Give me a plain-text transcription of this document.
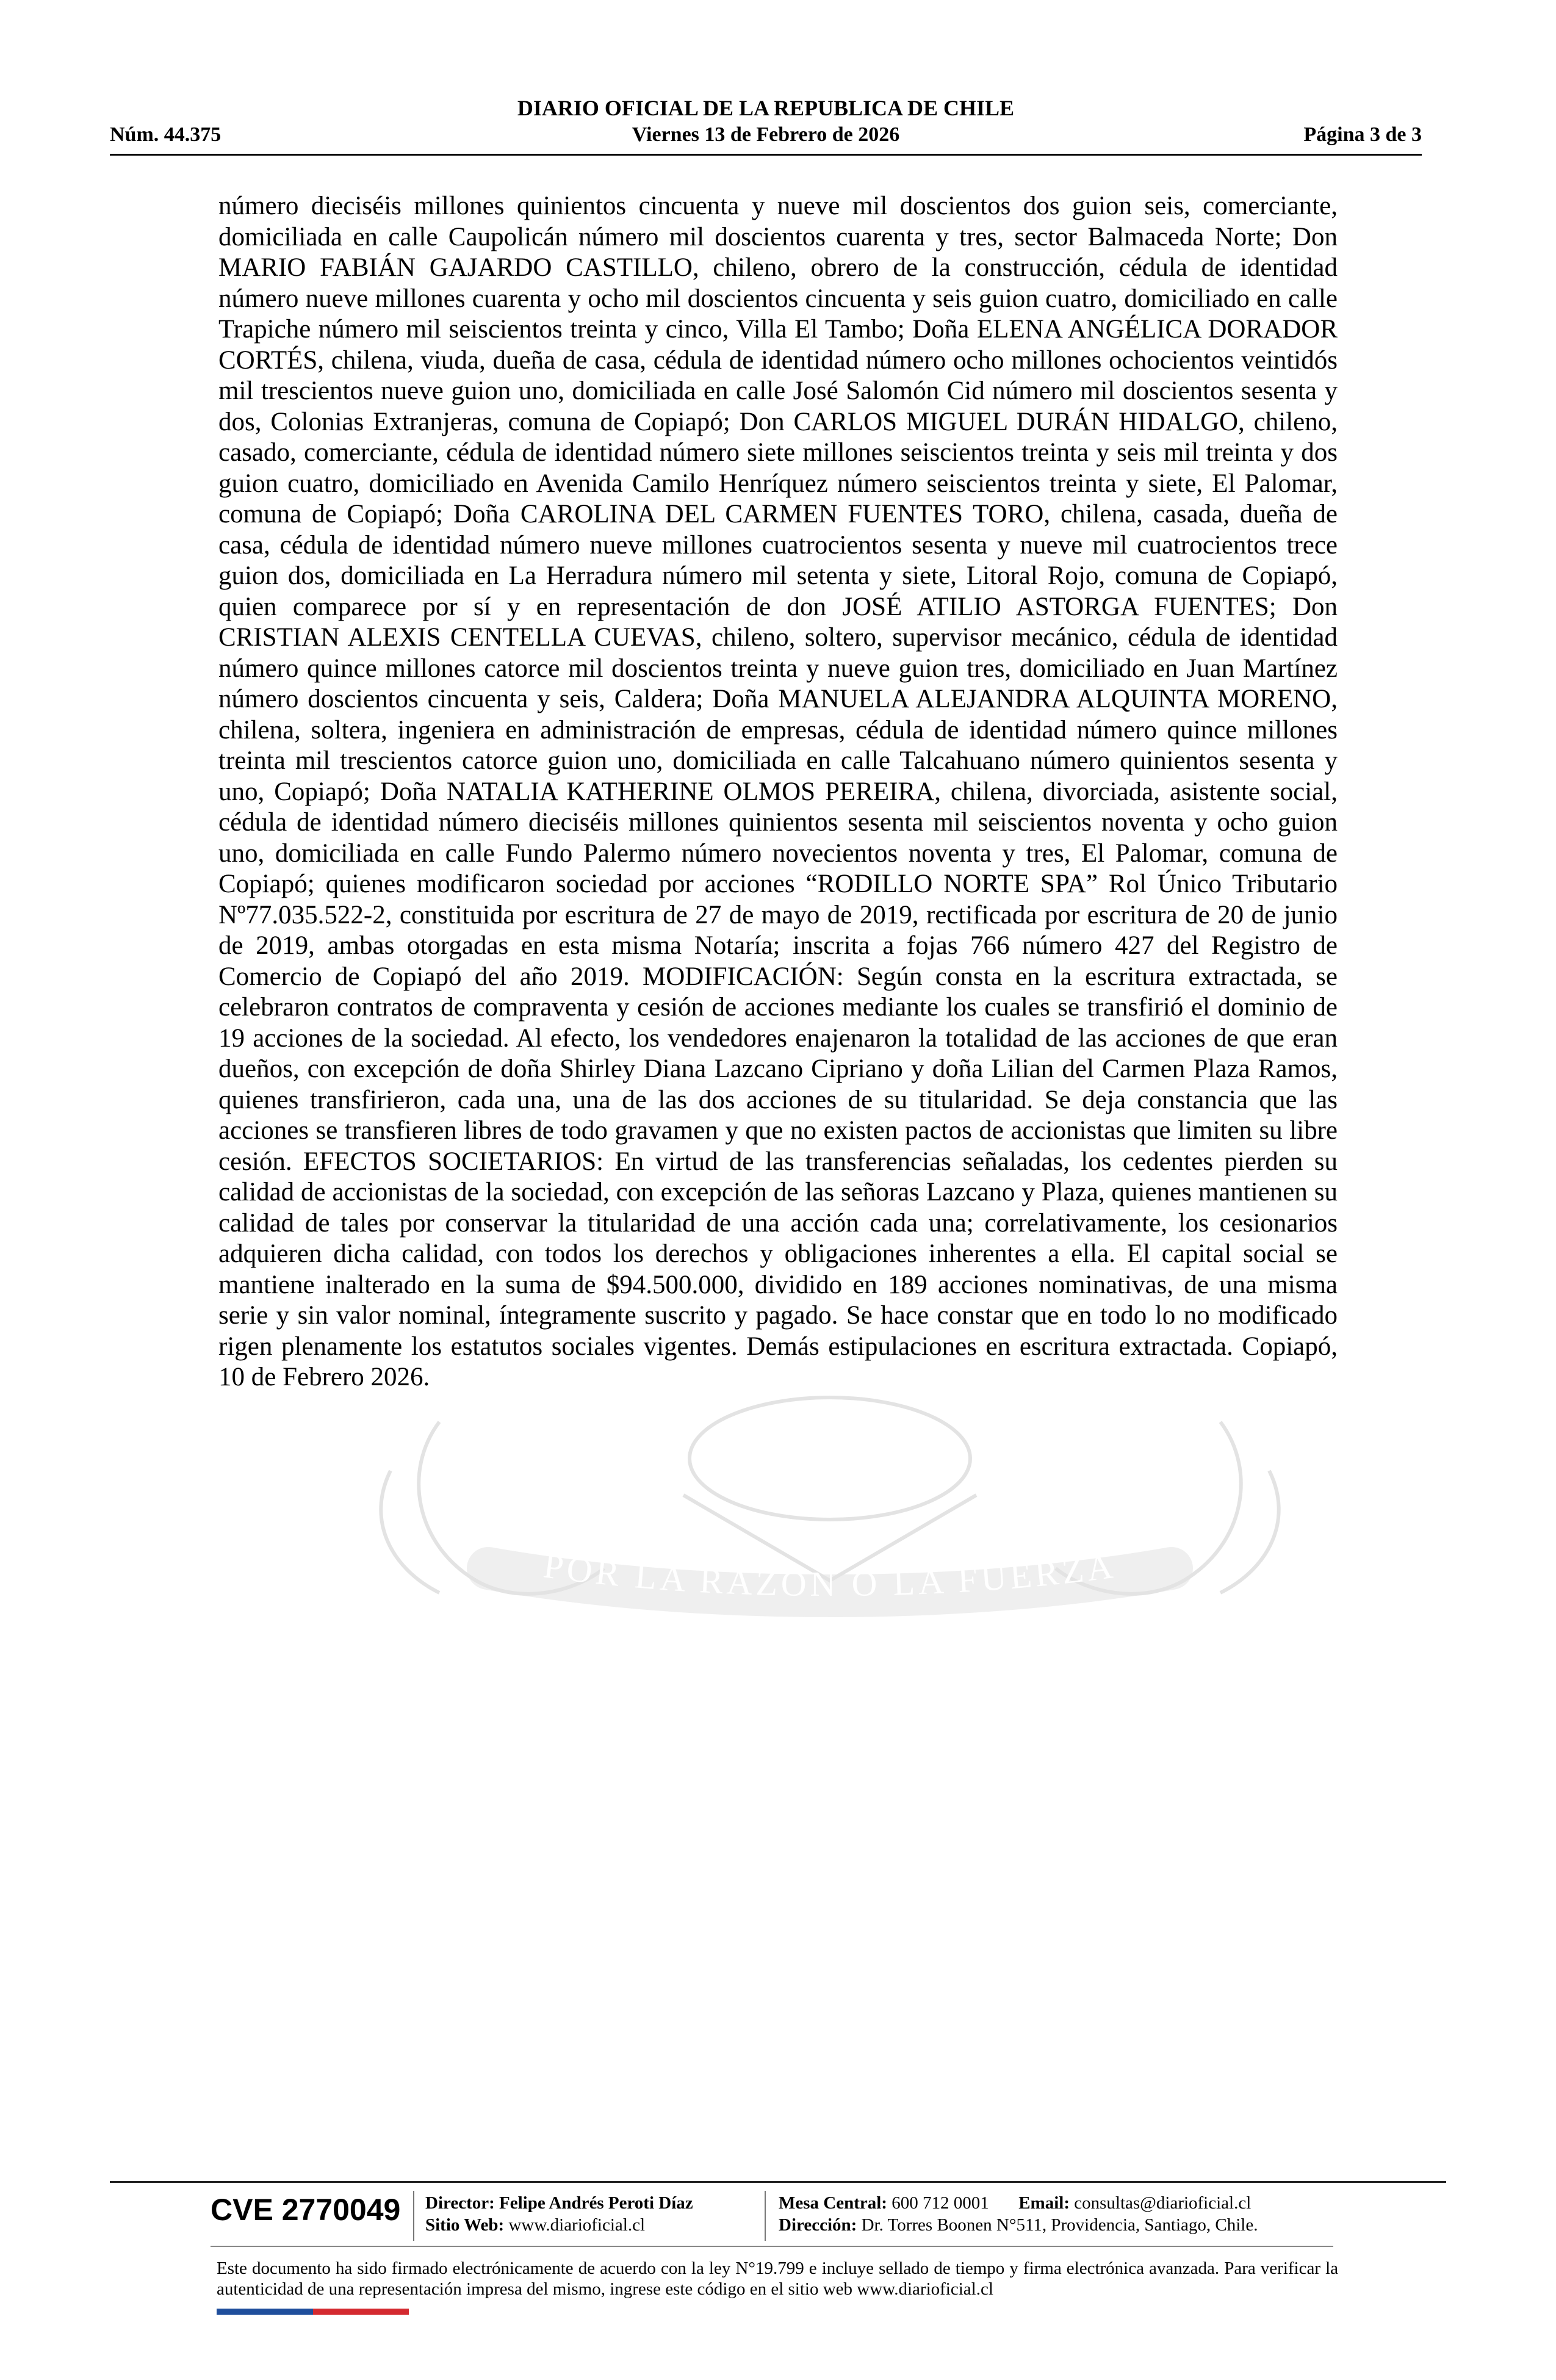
DIARIO OFICIAL DE LA REPUBLICA DE CHILE
Núm. 44.375	Viernes 13 de Febrero de 2026	Página 3 de 3
POR LA RAZON O LA FUERZA

número dieciséis millones quinientos cincuenta y nueve mil doscientos dos guion seis, comerciante, domiciliada en calle Caupolicán número mil doscientos cuarenta y tres, sector Balmaceda Norte; Don MARIO FABIÁN GAJARDO CASTILLO, chileno, obrero de la construcción, cédula de identidad número nueve millones cuarenta y ocho mil doscientos cincuenta y seis guion cuatro, domiciliado en calle Trapiche número mil seiscientos treinta y cinco, Villa El Tambo; Doña ELENA ANGÉLICA DORADOR CORTÉS, chilena, viuda, dueña de casa, cédula de identidad número ocho millones ochocientos veintidós mil trescientos nueve guion uno, domiciliada en calle José Salomón Cid número mil doscientos sesenta y dos, Colonias Extranjeras, comuna de Copiapó; Don CARLOS MIGUEL DURÁN HIDALGO, chileno, casado, comerciante, cédula de identidad número siete millones seiscientos treinta y seis mil treinta y dos guion cuatro, domiciliado en Avenida Camilo Henríquez número seiscientos treinta y siete, El Palomar, comuna de Copiapó; Doña CAROLINA DEL CARMEN FUENTES TORO, chilena, casada, dueña de casa, cédula de identidad número nueve millones cuatrocientos sesenta y nueve mil cuatrocientos trece guion dos, domiciliada en La Herradura número mil setenta y siete, Litoral Rojo, comuna de Copiapó, quien comparece por sí y en representación de don JOSÉ ATILIO ASTORGA FUENTES; Don CRISTIAN ALEXIS CENTELLA CUEVAS, chileno, soltero, supervisor mecánico, cédula de identidad número quince millones catorce mil doscientos treinta y nueve guion tres, domiciliado en Juan Martínez número doscientos cincuenta y seis, Caldera; Doña MANUELA ALEJANDRA ALQUINTA MORENO, chilena, soltera, ingeniera en administración de empresas, cédula de identidad número quince millones treinta mil trescientos catorce guion uno, domiciliada en calle Talcahuano número quinientos sesenta y uno, Copiapó; Doña NATALIA KATHERINE OLMOS PEREIRA, chilena, divorciada, asistente social, cédula de identidad número dieciséis millones quinientos sesenta mil seiscientos noventa y ocho guion uno, domiciliada en calle Fundo Palermo número novecientos noventa y tres, El Palomar, comuna de Copiapó; quienes modificaron sociedad por acciones “RODILLO NORTE SPA” Rol Único Tributario Nº77.035.522-2, constituida por escritura de 27 de mayo de 2019, rectificada por escritura de 20 de junio de 2019, ambas otorgadas en esta misma Notaría; inscrita a fojas 766 número 427 del Registro de Comercio de Copiapó del año 2019. MODIFICACIÓN: Según consta en la escritura extractada, se celebraron contratos de compraventa y cesión de acciones mediante los cuales se transfirió el dominio de 19 acciones de la sociedad. Al efecto, los vendedores enajenaron la totalidad de las acciones de que eran dueños, con excepción de doña Shirley Diana Lazcano Cipriano y doña Lilian del Carmen Plaza Ramos, quienes transfirieron, cada una, una de las dos acciones de su titularidad. Se deja constancia que las acciones se transfieren libres de todo gravamen y que no existen pactos de accionistas que limiten su libre cesión. EFECTOS SOCIETARIOS: En virtud de las transferencias señaladas, los cedentes pierden su calidad de accionistas de la sociedad, con excepción de las señoras Lazcano y Plaza, quienes mantienen su calidad de tales por conservar la titularidad de una acción cada una; correlativamente, los cesionarios adquieren dicha calidad, con todos los derechos y obligaciones inherentes a ella. El capital social se mantiene inalterado en la suma de $94.500.000, dividido en 189 acciones nominativas, de una misma serie y sin valor nominal, íntegramente suscrito y pagado. Se hace constar que en todo lo no modificado rigen plenamente los estatutos sociales vigentes. Demás estipulaciones en escritura extractada. Copiapó, 10 de Febrero 2026.

CVE 2770049 Director: Felipe Andrés Peroti Díaz
Sitio Web: www.diarioficial.cl
Mesa Central: 600 712 0001 Email: consultas@diarioficial.cl
Dirección: Dr. Torres Boonen N°511, Providencia, Santiago, Chile.

Este documento ha sido firmado electrónicamente de acuerdo con la ley N°19.799 e incluye sellado de tiempo y firma electrónica avanzada. Para verificar la autenticidad de una representación impresa del mismo, ingrese este código en el sitio web www.diarioficial.cl
